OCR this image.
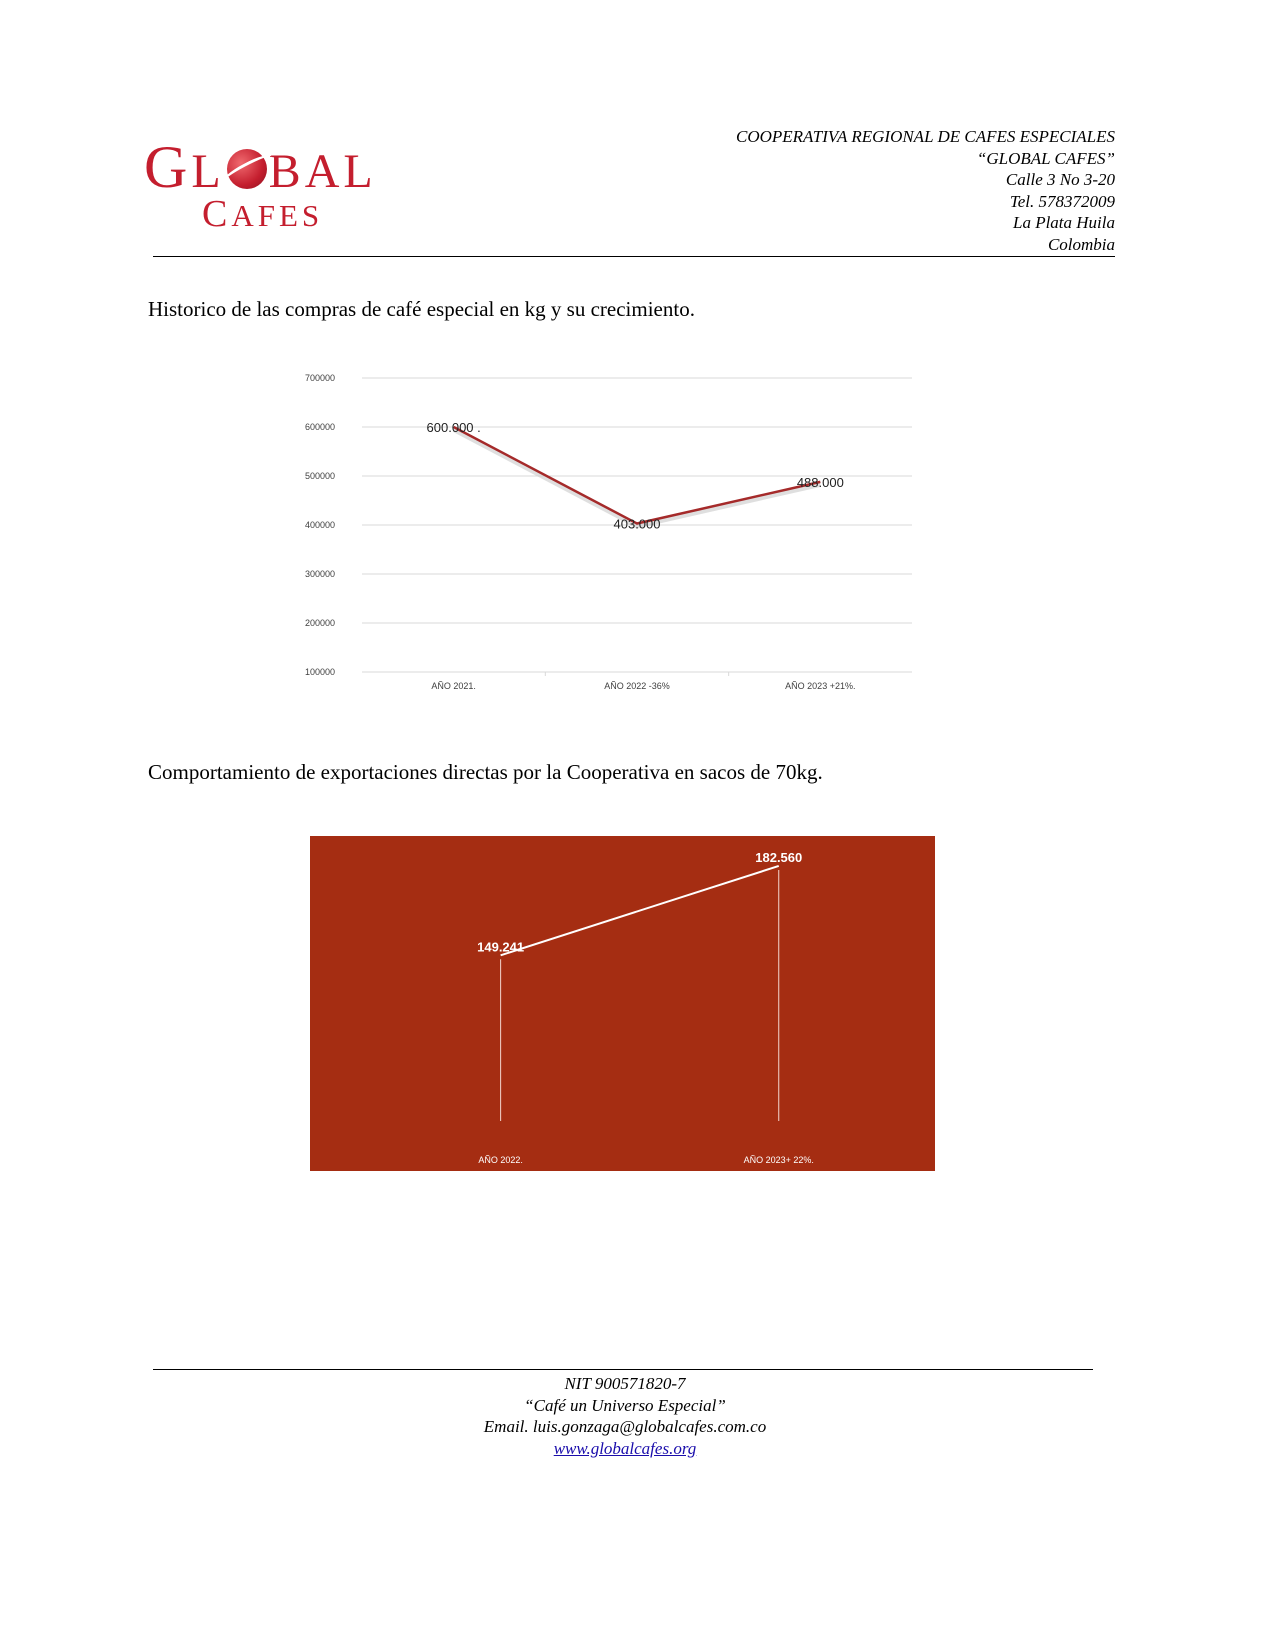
GL BAL
CAFES
COOPERATIVA REGIONAL DE CAFES ESPECIALES
“GLOBAL CAFES”
Calle 3 No 3-20
Tel. 578372009
La Plata Huila
Colombia
Historico de las compras de café especial en kg y su crecimiento.
700000
600000
500000
400000
300000
200000
100000
AÑO 2021.	AÑO 2022 -36%	AÑO 2023 +21%.
600.000 .
403.000
488.000
Comportamiento de exportaciones directas por la Cooperativa en sacos de 70kg.
149.241
182.560
AÑO 2022.	AÑO 2023+ 22%.
NIT 900571820-7
“Café un Universo Especial”
Email. luis.gonzaga@globalcafes.com.co
www.globalcafes.org
